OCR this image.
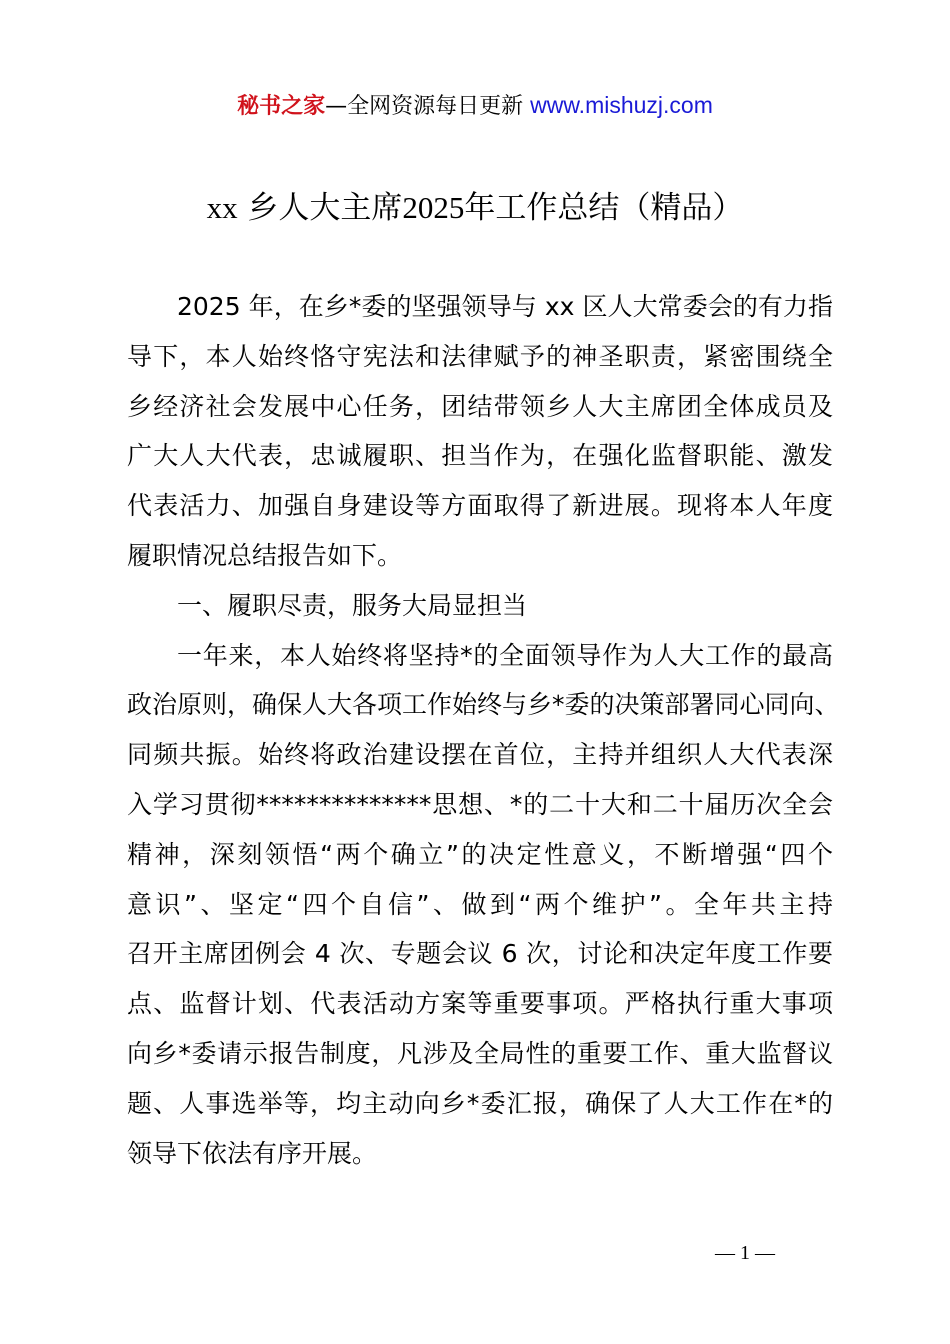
秘书之家—全网资源每日更新 www.mishuzj.com
xx 乡人大主席2025年工作总结（精品）
2025 年，在乡*委的坚强领导与 xx 区人大常委会的有力指
导下，本人始终恪守宪法和法律赋予的神圣职责，紧密围绕全
乡经济社会发展中心任务，团结带领乡人大主席团全体成员及
广大人大代表，忠诚履职、担当作为，在强化监督职能、激发
代表活力、加强自身建设等方面取得了新进展。现将本人年度
履职情况总结报告如下。
一、履职尽责，服务大局显担当
一年来，本人始终将坚持*的全面领导作为人大工作的最高
政治原则，确保人大各项工作始终与乡*委的决策部署同心同向、
同频共振。始终将政治建设摆在首位，主持并组织人大代表深
入学习贯彻**************思想、*的二十大和二十届历次全会
精神，深刻领悟“两个确立”的决定性意义，不断增强“四个
意识”、坚定“四个自信”、做到“两个维护”。全年共主持
召开主席团例会 4 次、专题会议 6 次，讨论和决定年度工作要
点、监督计划、代表活动方案等重要事项。严格执行重大事项
向乡*委请示报告制度，凡涉及全局性的重要工作、重大监督议
题、人事选举等，均主动向乡*委汇报，确保了人大工作在*的
领导下依法有序开展。
— 1 —
